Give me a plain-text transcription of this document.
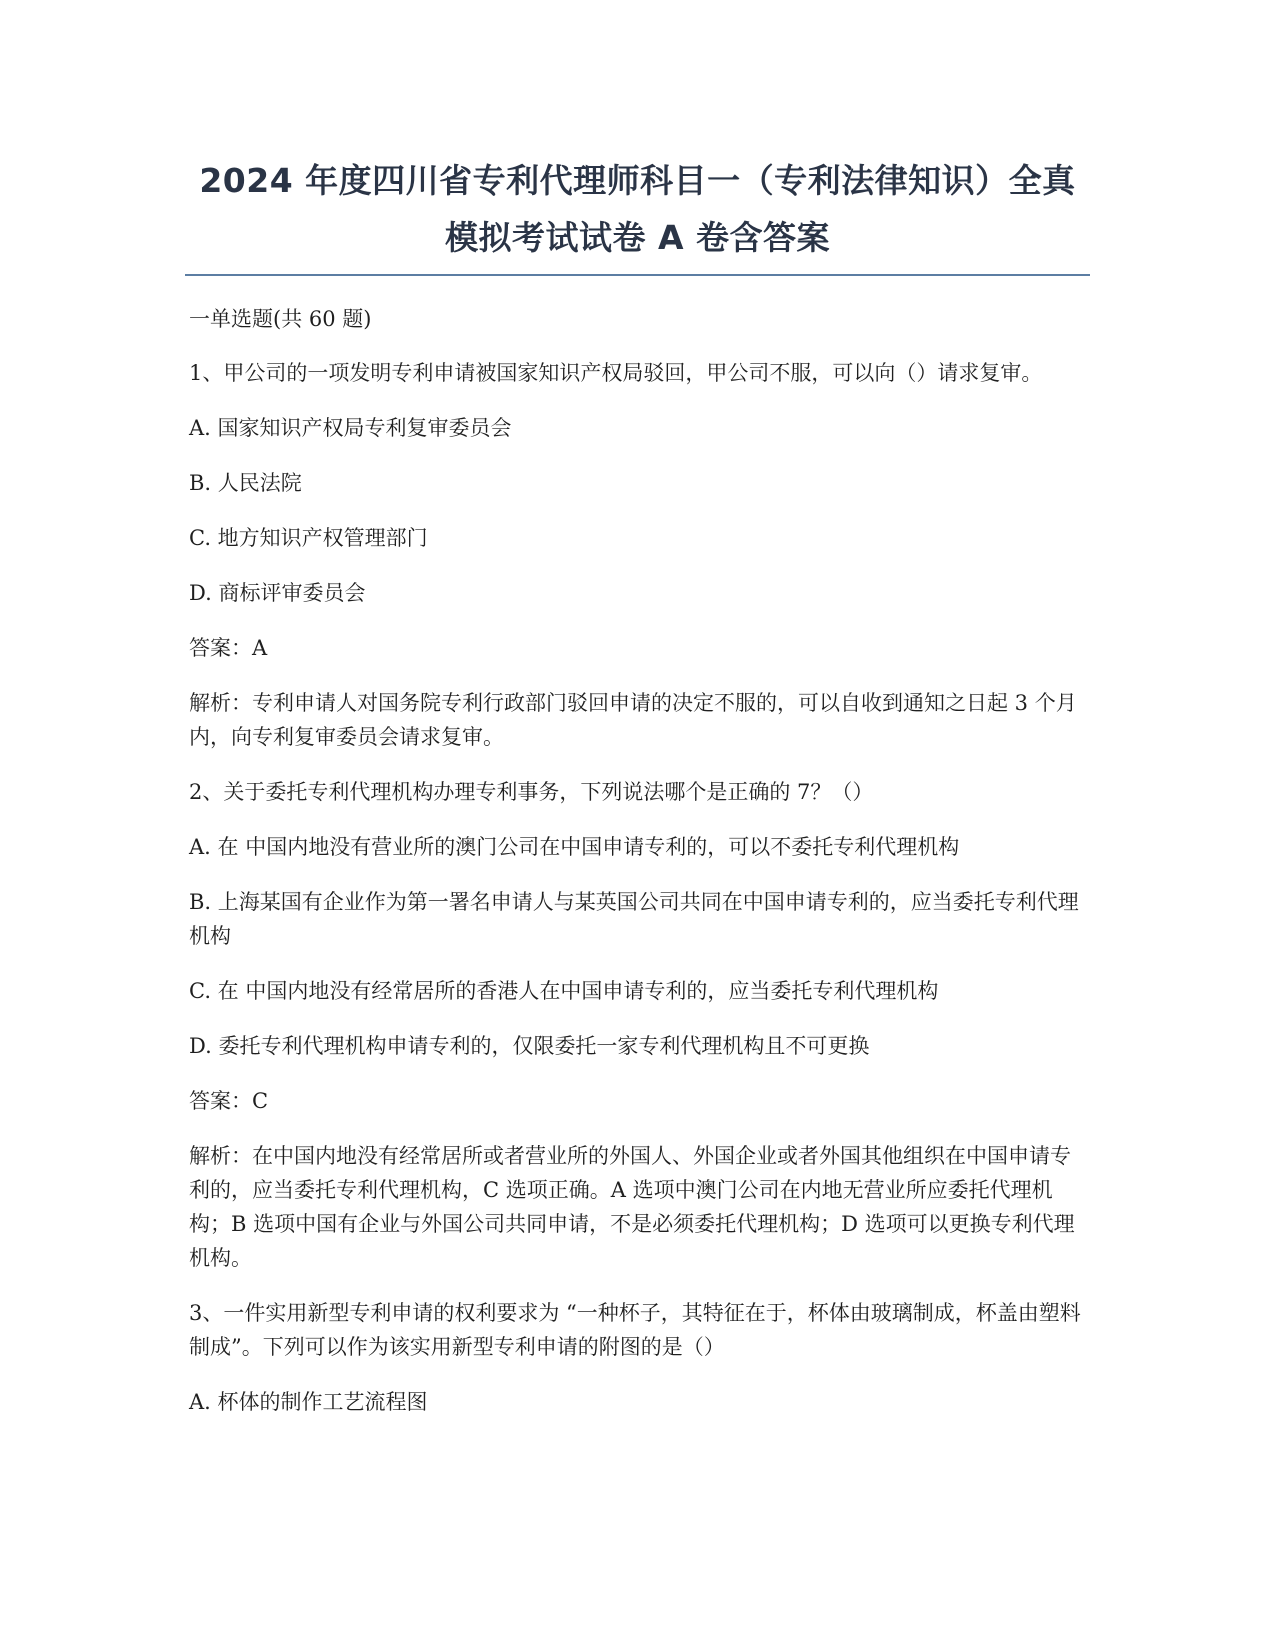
2024 年度四川省专利代理师科目一（专利法律知识）全真
模拟考试试卷 A 卷含答案

一单选题(共 60 题)

1、甲公司的一项发明专利申请被国家知识产权局驳回，甲公司不服，可以向（）请求复审。

A. 国家知识产权局专利复审委员会

B. 人民法院

C. 地方知识产权管理部门

D. 商标评审委员会

答案：A

解析：专利申请人对国务院专利行政部门驳回申请的决定不服的，可以自收到通知之日起 3 个月内，向专利复审委员会请求复审。

2、关于委托专利代理机构办理专利事务，下列说法哪个是正确的 7？（）

A. 在 中国内地没有营业所的澳门公司在中国申请专利的，可以不委托专利代理机构

B. 上海某国有企业作为第一署名申请人与某英国公司共同在中国申请专利的，应当委托专利代理机构

C. 在 中国内地没有经常居所的香港人在中国申请专利的，应当委托专利代理机构

D. 委托专利代理机构申请专利的，仅限委托一家专利代理机构且不可更换

答案：C

解析：在中国内地没有经常居所或者营业所的外国人、外国企业或者外国其他组织在中国申请专利的，应当委托专利代理机构，C 选项正确。A 选项中澳门公司在内地无营业所应委托代理机构；B 选项中国有企业与外国公司共同申请，不是必须委托代理机构；D 选项可以更换专利代理机构。

3、一件实用新型专利申请的权利要求为 “一种杯子，其特征在于，杯体由玻璃制成，杯盖由塑料制成”。下列可以作为该实用新型专利申请的附图的是（）

A. 杯体的制作工艺流程图
